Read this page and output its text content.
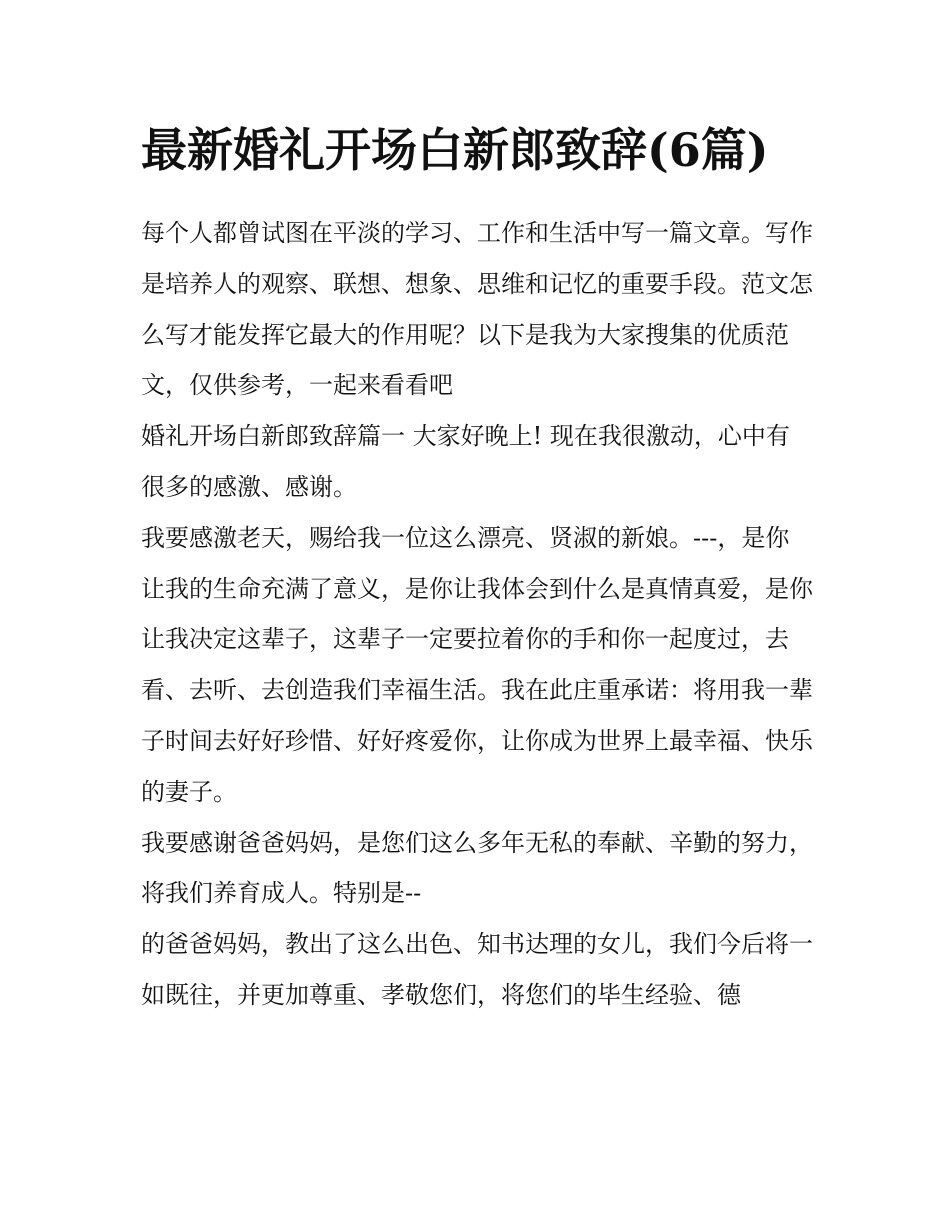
最新婚礼开场白新郎致辞(6篇)

每个人都曾试图在平淡的学习、工作和生活中写一篇文章。写作是培养人的观察、联想、想象、思维和记忆的重要手段。范文怎么写才能发挥它最大的作用呢？以下是我为大家搜集的优质范文，仅供参考，一起来看看吧

婚礼开场白新郎致辞篇一 大家好晚上! 现在我很激动，心中有很多的感激、感谢。

我要感激老天，赐给我一位这么漂亮、贤淑的新娘。---，是你让我的生命充满了意义，是你让我体会到什么是真情真爱，是你让我决定这辈子，这辈子一定要拉着你的手和你一起度过，去看、去听、去创造我们幸福生活。我在此庄重承诺：将用我一辈子时间去好好珍惜、好好疼爱你，让你成为世界上最幸福、快乐的妻子。

我要感谢爸爸妈妈，是您们这么多年无私的奉献、辛勤的努力，将我们养育成人。特别是--

的爸爸妈妈，教出了这么出色、知书达理的女儿，我们今后将一如既往，并更加尊重、孝敬您们，将您们的毕生经验、德
